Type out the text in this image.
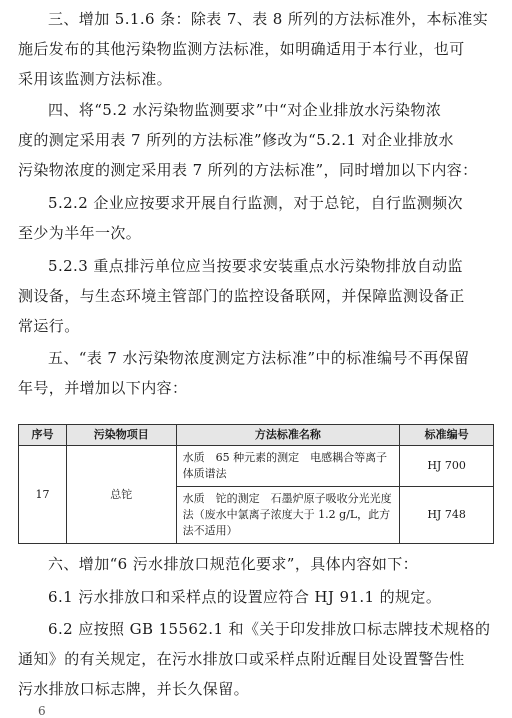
三、增加 5.1.6 条：除表 7、表 8 所列的方法标准外，本标准实
施后发布的其他污染物监测方法标准，如明确适用于本行业，也可
采用该监测方法标准。
四、将“5.2 水污染物监测要求”中“对企业排放水污染物浓
度的测定采用表 7 所列的方法标准”修改为“5.2.1 对企业排放水
污染物浓度的测定采用表 7 所列的方法标准”，同时增加以下内容：
5.2.2 企业应按要求开展自行监测，对于总铊，自行监测频次
至少为半年一次。
5.2.3 重点排污单位应当按要求安装重点水污染物排放自动监
测设备，与生态环境主管部门的监控设备联网，并保障监测设备正
常运行。
五、“表 7 水污染物浓度测定方法标准”中的标准编号不再保留
年号，并增加以下内容：
序号	污染物项目	方法标准名称	标准编号
17	总铊	水质　65 种元素的测定　电感耦合等离子体质谱法	HJ 700
		水质　铊的测定　石墨炉原子吸收分光光度法（废水中氯离子浓度大于 1.2 g/L，此方法不适用）	HJ 748
六、增加“6 污水排放口规范化要求”，具体内容如下：
6.1 污水排放口和采样点的设置应符合 HJ 91.1 的规定。
6.2 应按照 GB 15562.1 和《关于印发排放口标志牌技术规格的
通知》的有关规定，在污水排放口或采样点附近醒目处设置警告性
污水排放口标志牌，并长久保留。
6
